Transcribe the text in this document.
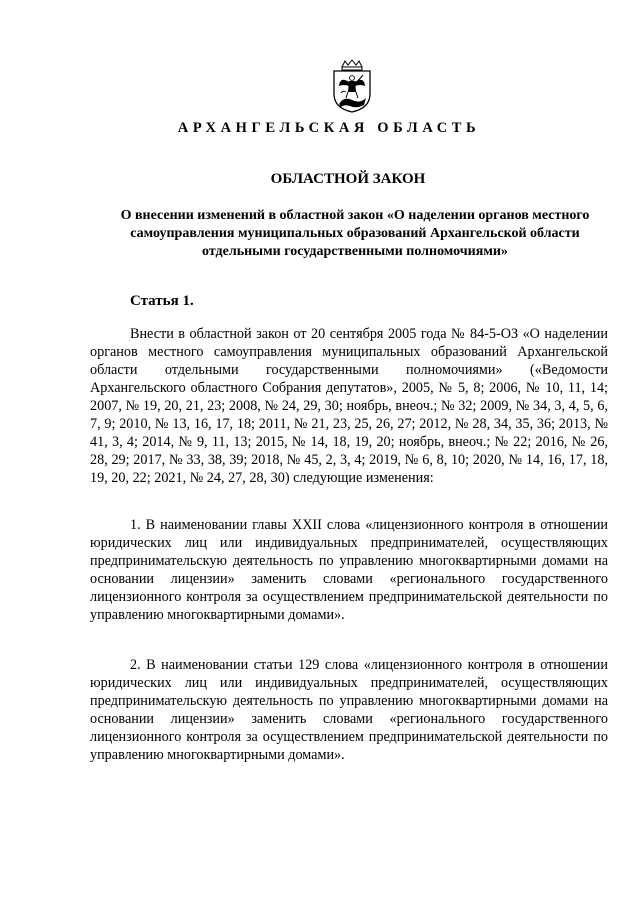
АРХАНГЕЛЬСКАЯ ОБЛАСТЬ
ОБЛАСТНОЙ ЗАКОН
О внесении изменений в областной закон «О наделении органов местного самоуправления муниципальных образований Архангельской области отдельными государственными полномочиями»
Статья 1.
Внести в областной закон от 20 сентября 2005 года № 84-5-ОЗ «О наделении органов местного самоуправления муниципальных образований Архангельской области отдельными государственными полномочиями» («Ведомости Архангельского областного Собрания депутатов», 2005, № 5, 8; 2006, № 10, 11, 14; 2007, № 19, 20, 21, 23; 2008, № 24, 29, 30; ноябрь, внеоч.; № 32; 2009, № 34, 3, 4, 5, 6, 7, 9; 2010, № 13, 16, 17, 18; 2011, № 21, 23, 25, 26, 27; 2012, № 28, 34, 35, 36; 2013, № 41, 3, 4; 2014, № 9, 11, 13; 2015, № 14, 18, 19, 20; ноябрь, внеоч.; № 22; 2016, № 26, 28, 29; 2017, № 33, 38, 39; 2018, № 45, 2, 3, 4; 2019, № 6, 8, 10; 2020, № 14, 16, 17, 18, 19, 20, 22; 2021, № 24, 27, 28, 30) следующие изменения:
1. В наименовании главы XXII слова «лицензионного контроля в отношении юридических лиц или индивидуальных предпринимателей, осуществляющих предпринимательскую деятельность по управлению многоквартирными домами на основании лицензии» заменить словами «регионального государственного лицензионного контроля за осуществлением предпринимательской деятельности по управлению многоквартирными домами».
2. В наименовании статьи 129 слова «лицензионного контроля в отношении юридических лиц или индивидуальных предпринимателей, осуществляющих предпринимательскую деятельность по управлению многоквартирными домами на основании лицензии» заменить словами «регионального государственного лицензионного контроля за осуществлением предпринимательской деятельности по управлению многоквартирными домами».
